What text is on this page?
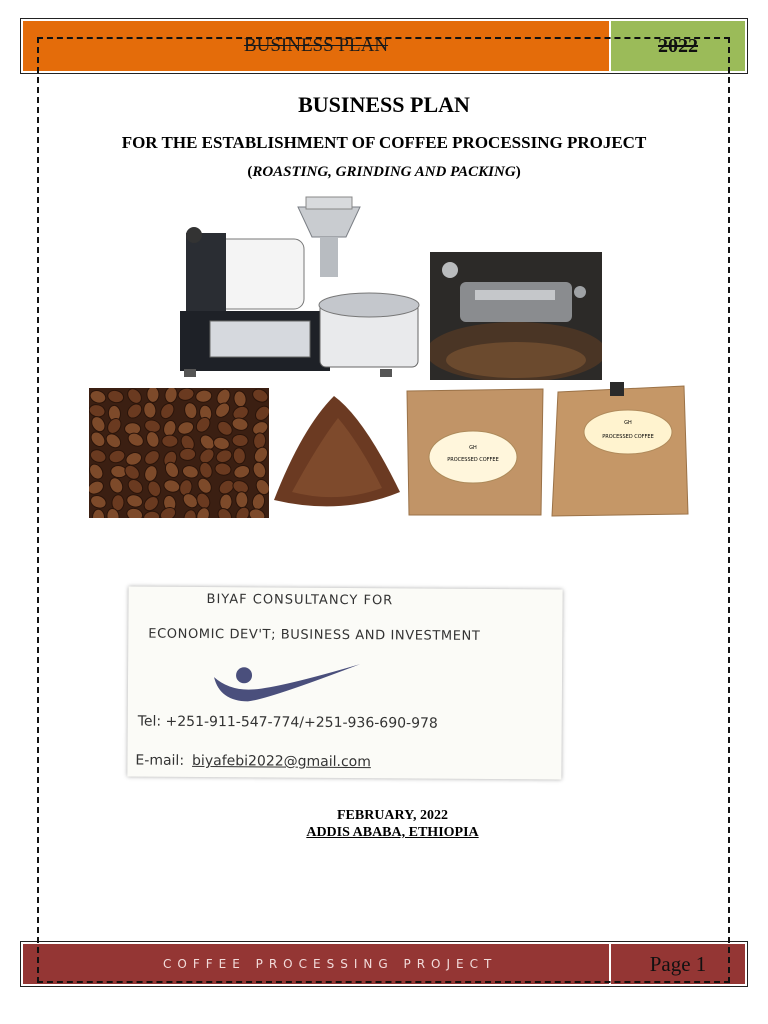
BUSINESS PLAN	2022
BUSINESS PLAN
FOR THE ESTABLISHMENT OF COFFEE PROCESSING PROJECT
(ROASTING, GRINDING AND PACKING)
GH
PROCESSED COFFEE
GH
PROCESSED COFFEE
BIYAF CONSULTANCY FOR
ECONOMIC DEV'T; BUSINESS AND INVESTMENT
Tel: +251-911-547-774/+251-936-690-978
E-mail: biyafebi2022@gmail.com
FEBRUARY, 2022
ADDIS ABABA, ETHIOPIA
COFFEE PROCESSING PROJECT	Page 1
